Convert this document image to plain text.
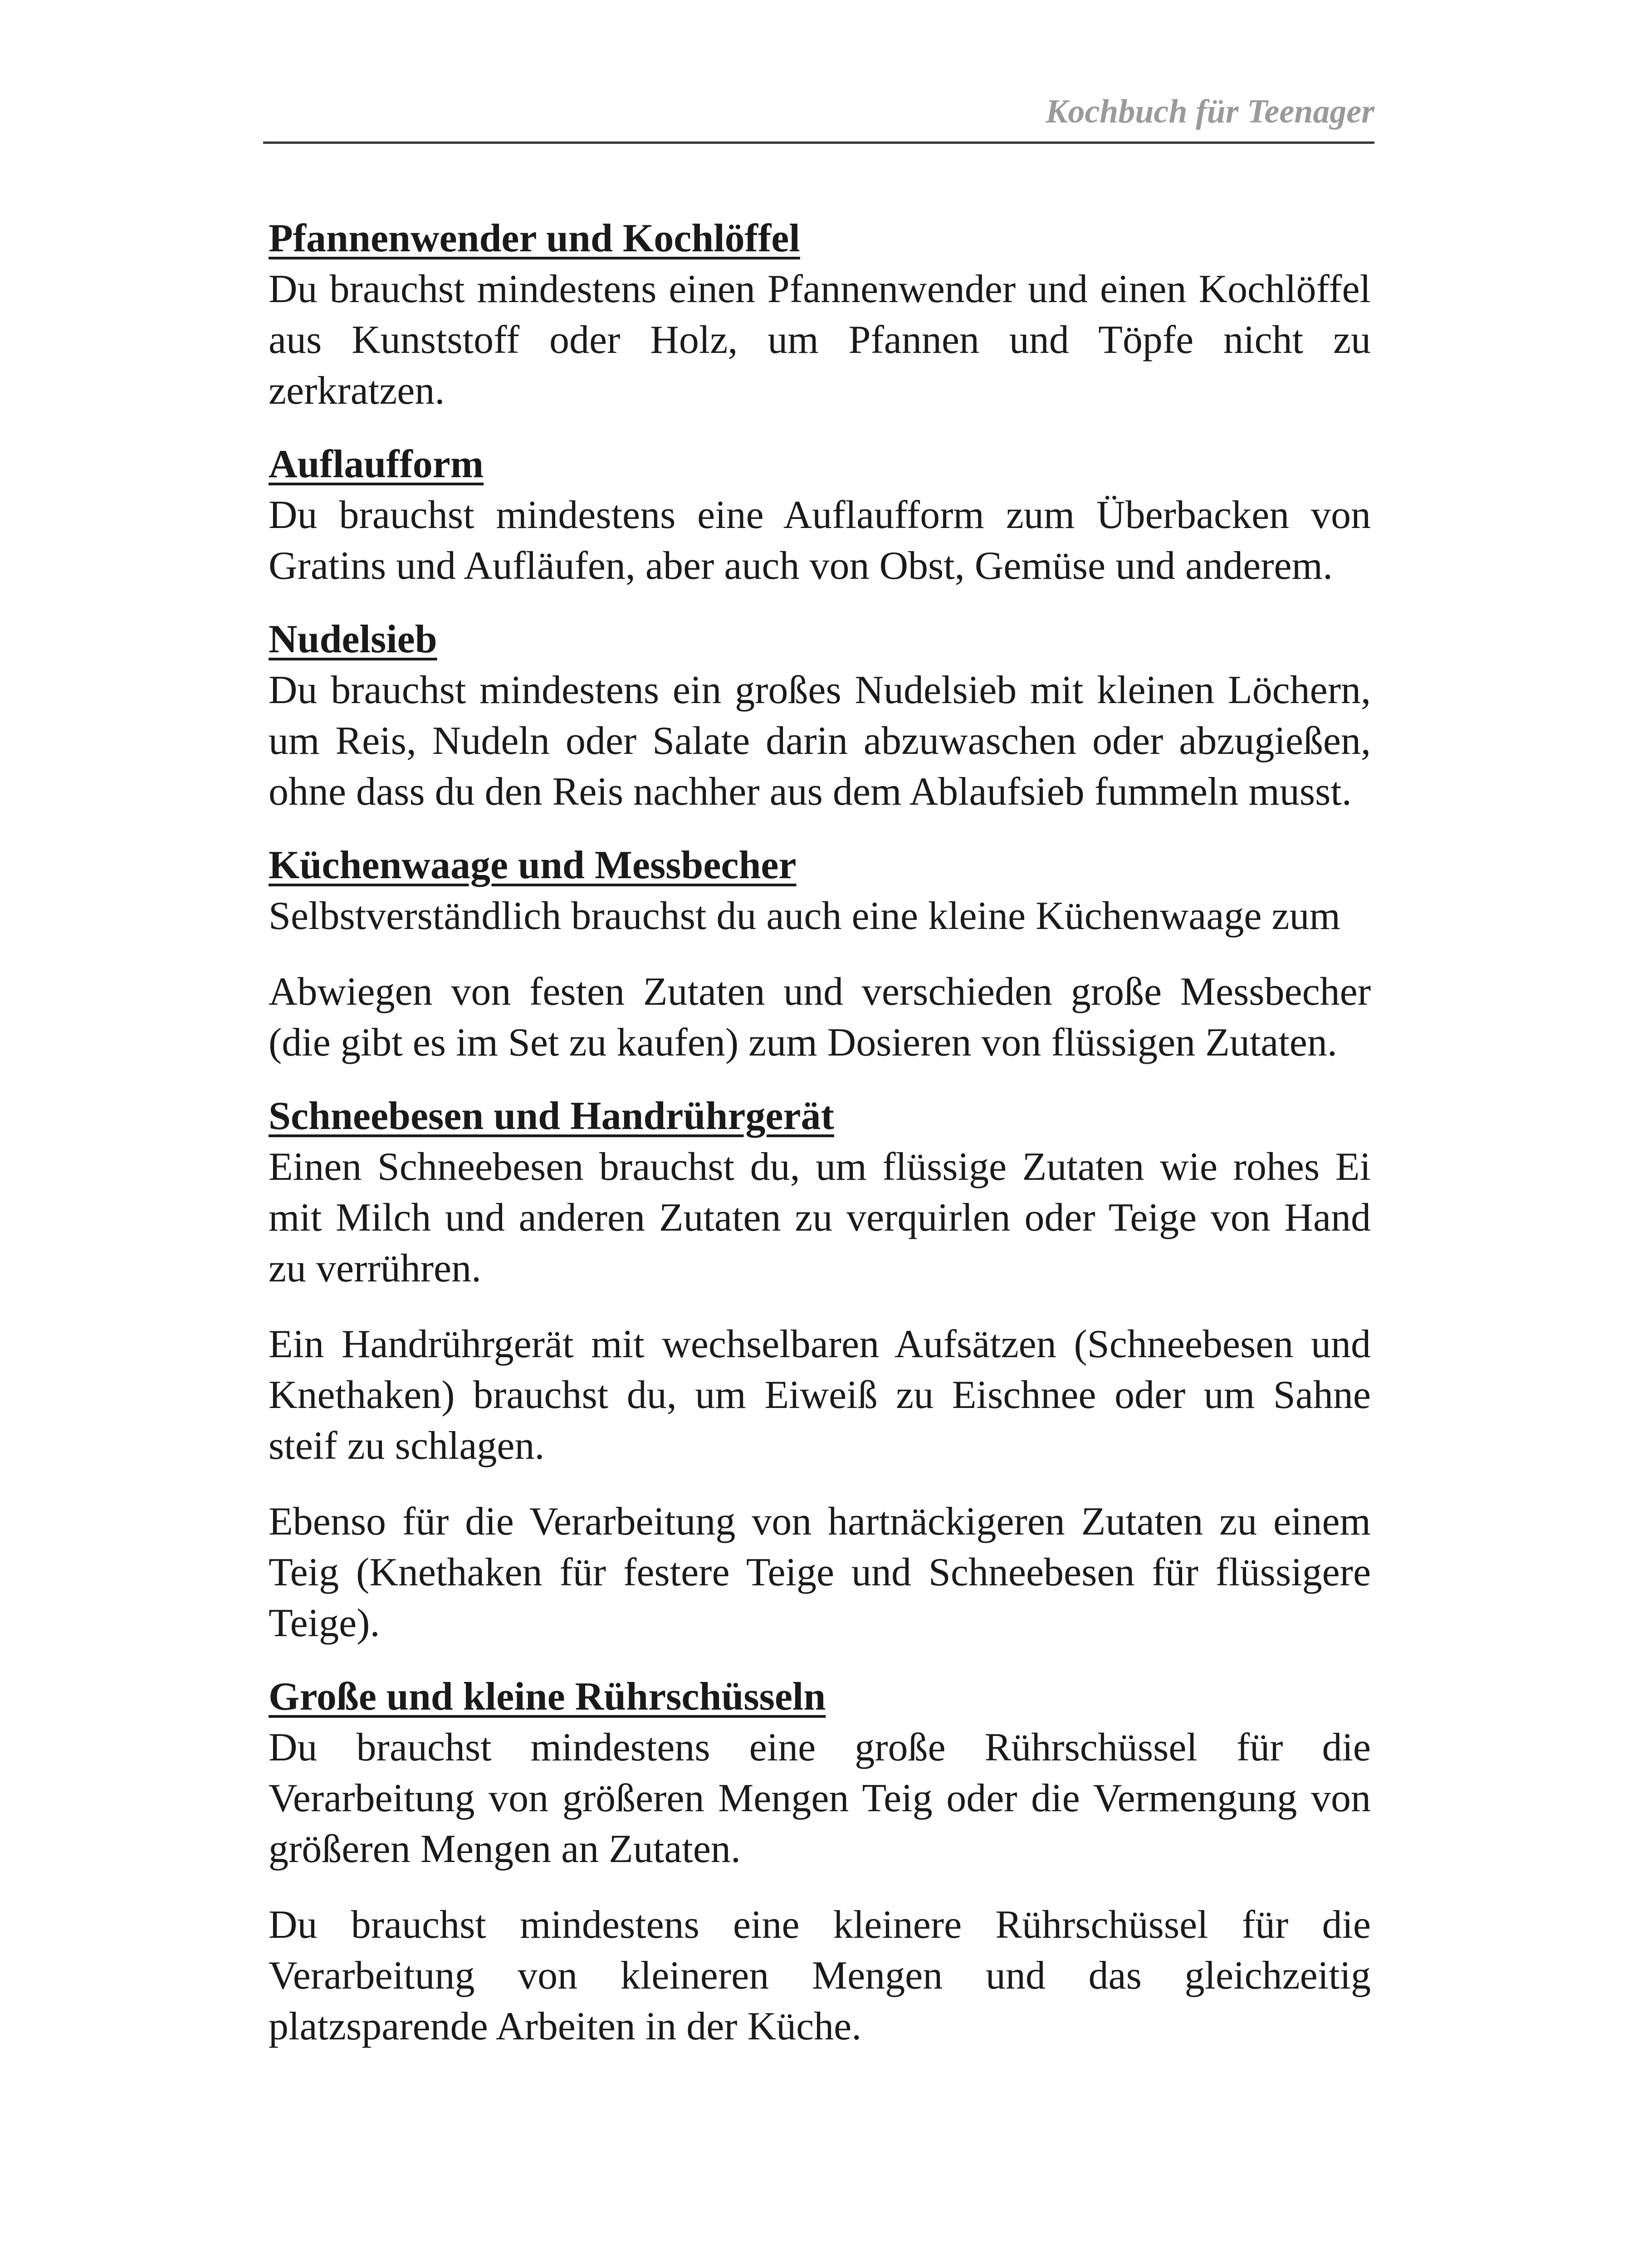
Kochbuch für Teenager

Pfannenwender und Kochlöffel

Du brauchst mindestens einen Pfannenwender und einen Kochlöffel aus Kunststoff oder Holz, um Pfannen und Töpfe nicht zu zerkratzen.

Auflaufform

Du brauchst mindestens eine Auflaufform zum Überbacken von Gratins und Aufläufen, aber auch von Obst, Gemüse und anderem.

Nudelsieb

Du brauchst mindestens ein großes Nudelsieb mit kleinen Löchern, um Reis, Nudeln oder Salate darin abzuwaschen oder abzugießen, ohne dass du den Reis nachher aus dem Ablaufsieb fummeln musst.

Küchenwaage und Messbecher

Selbstverständlich brauchst du auch eine kleine Küchenwaage zum

Abwiegen von festen Zutaten und verschieden große Messbecher (die gibt es im Set zu kaufen) zum Dosieren von flüssigen Zutaten.

Schneebesen und Handrührgerät

Einen Schneebesen brauchst du, um flüssige Zutaten wie rohes Ei mit Milch und anderen Zutaten zu verquirlen oder Teige von Hand zu verrühren.

Ein Handrührgerät mit wechselbaren Aufsätzen (Schneebesen und Knethaken) brauchst du, um Eiweiß zu Eischnee oder um Sahne steif zu schlagen.

Ebenso für die Verarbeitung von hartnäckigeren Zutaten zu einem Teig (Knethaken für festere Teige und Schneebesen für flüssigere Teige).

Große und kleine Rührschüsseln

Du brauchst mindestens eine große Rührschüssel für die Verarbeitung von größeren Mengen Teig oder die Vermengung von größeren Mengen an Zutaten.

Du brauchst mindestens eine kleinere Rührschüssel für die Verarbeitung von kleineren Mengen und das gleichzeitig platzsparende Arbeiten in der Küche.
